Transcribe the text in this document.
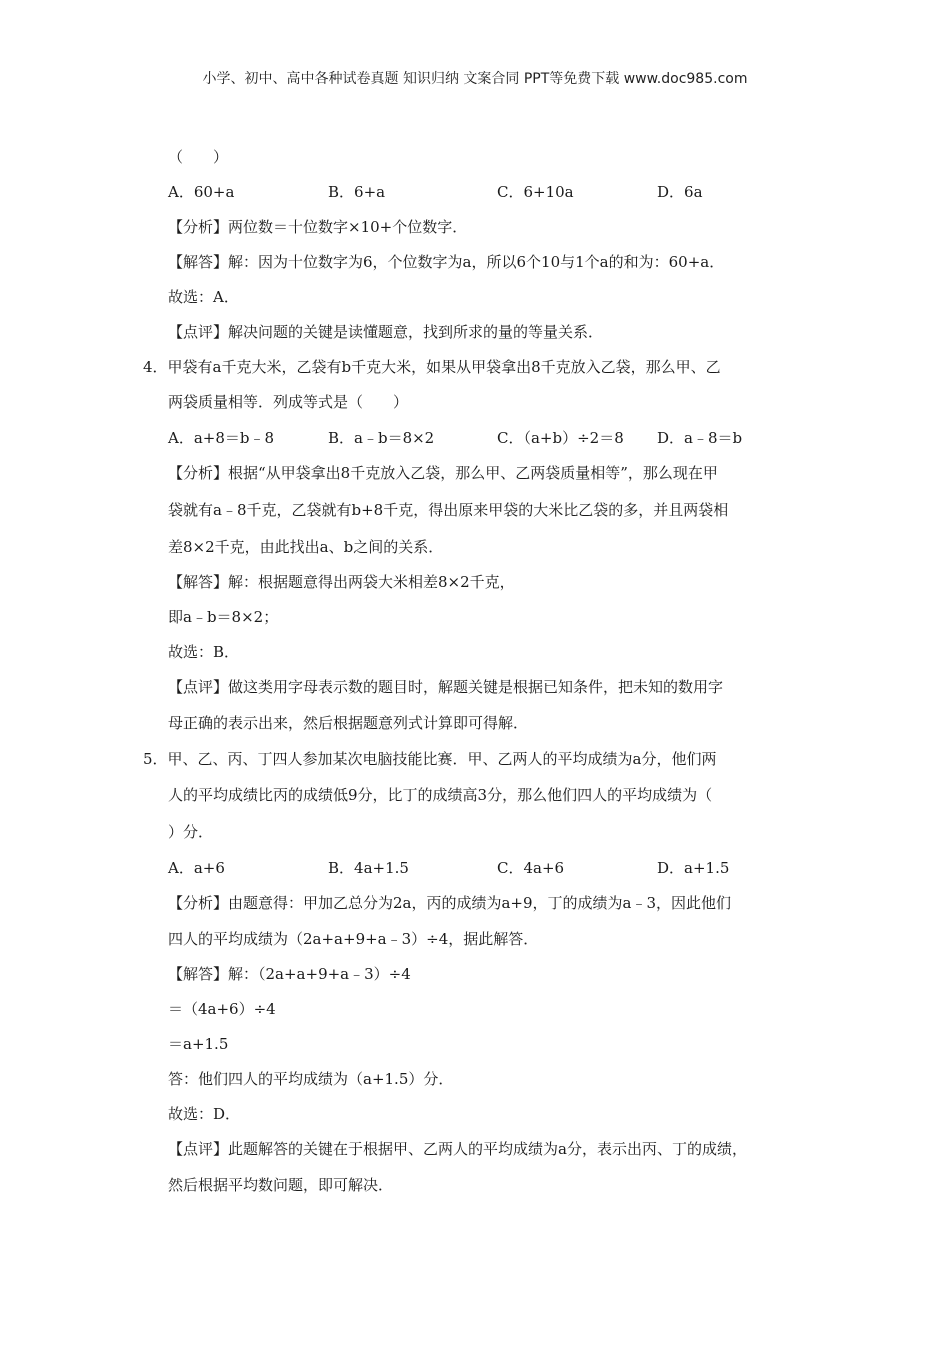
小学、初中、高中各种试卷真题 知识归纳 文案合同 PPT等免费下载 www.doc985.com
（　　）
A．60+a	B．6+a	C．6+10a	D．6a
【分析】两位数＝十位数字×10+个位数字．
【解答】解：因为十位数字为6，个位数字为a，所以6个10与1个a的和为：60+a．
故选：A．
【点评】解决问题的关键是读懂题意，找到所求的量的等量关系．
4．甲袋有a千克大米，乙袋有b千克大米，如果从甲袋拿出8千克放入乙袋，那么甲、乙
两袋质量相等．列成等式是（　　）
A．a+8＝b﹣8	B．a﹣b＝8×2	C．（a+b）÷2＝8 D．a﹣8＝b
【分析】根据“从甲袋拿出8千克放入乙袋，那么甲、乙两袋质量相等”，那么现在甲
袋就有a﹣8千克，乙袋就有b+8千克，得出原来甲袋的大米比乙袋的多，并且两袋相
差8×2千克，由此找出a、b之间的关系．
【解答】解：根据题意得出两袋大米相差8×2千克，
即a﹣b＝8×2；
故选：B．
【点评】做这类用字母表示数的题目时，解题关键是根据已知条件，把未知的数用字
母正确的表示出来，然后根据题意列式计算即可得解．
5．甲、乙、丙、丁四人参加某次电脑技能比赛．甲、乙两人的平均成绩为a分，他们两
人的平均成绩比丙的成绩低9分，比丁的成绩高3分，那么他们四人的平均成绩为（
）分．
A．a+6	B．4a+1.5	C．4a+6	D．a+1.5
【分析】由题意得：甲加乙总分为2a，丙的成绩为a+9，丁的成绩为a﹣3，因此他们
四人的平均成绩为（2a+a+9+a﹣3）÷4，据此解答．
【解答】解：（2a+a+9+a﹣3）÷4
＝（4a+6）÷4
＝a+1.5
答：他们四人的平均成绩为（a+1.5）分．
故选：D．
【点评】此题解答的关键在于根据甲、乙两人的平均成绩为a分，表示出丙、丁的成绩，
然后根据平均数问题，即可解决．
